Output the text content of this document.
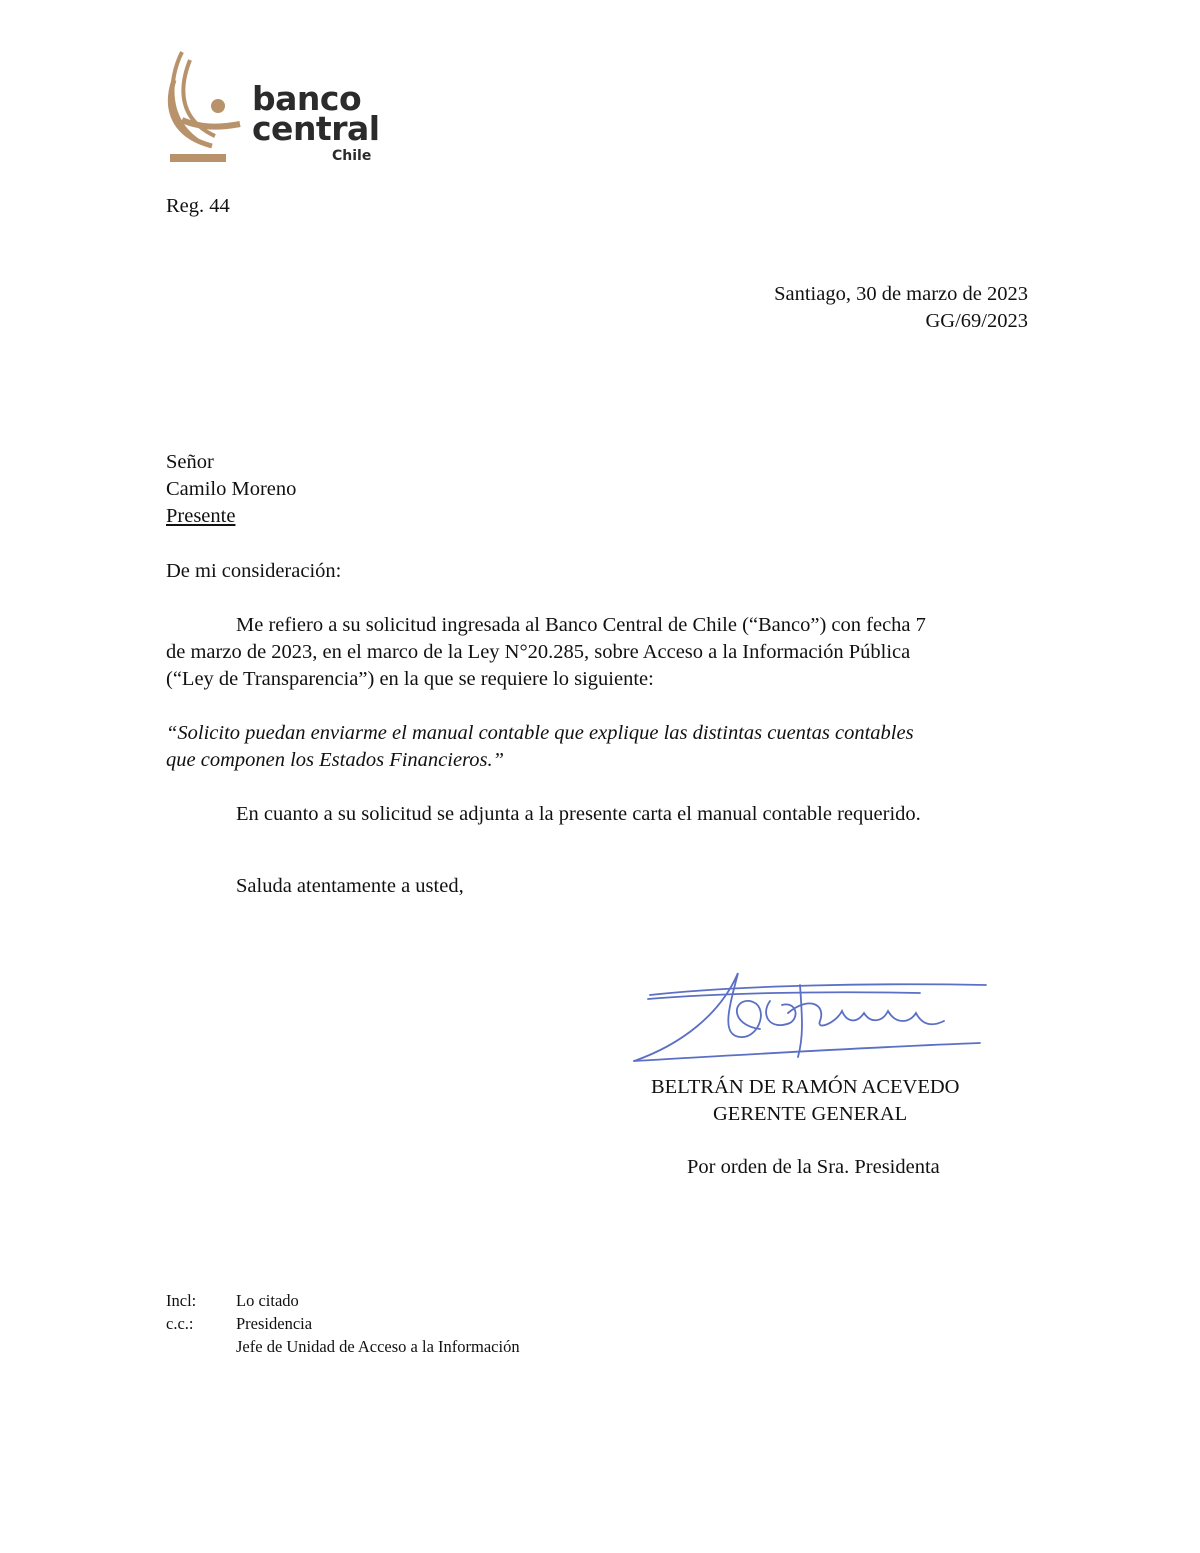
banco
central
Chile
Reg. 44
Santiago, 30 de marzo de 2023
GG/69/2023
Señor
Camilo Moreno
Presente
De mi consideración:
Me refiero a su solicitud ingresada al Banco Central de Chile (“Banco”) con fecha 7
de marzo de 2023, en el marco de la Ley N°20.285, sobre Acceso a la Información Pública
(“Ley de Transparencia”) en la que se requiere lo siguiente:
“Solicito puedan enviarme el manual contable que explique las distintas cuentas contables
que componen los Estados Financieros.”
En cuanto a su solicitud se adjunta a la presente carta el manual contable requerido.
Saluda atentamente a usted,
BELTRÁN DE RAMÓN ACEVEDO
GERENTE GENERAL
Por orden de la Sra. Presidenta
Incl: Lo citado
c.c.:	Presidencia
Jefe de Unidad de Acceso a la Información
